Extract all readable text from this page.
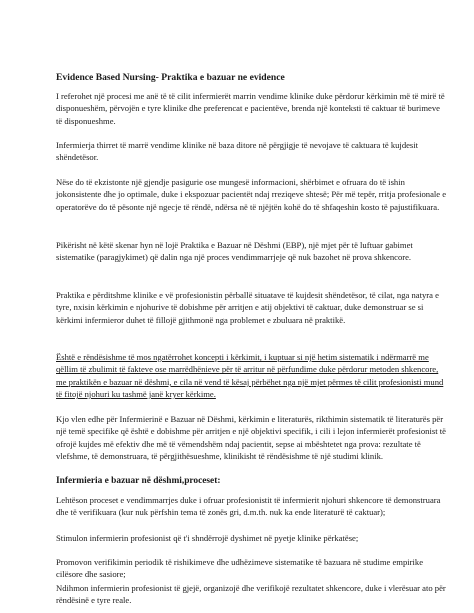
Evidence Based Nursing- Praktika e bazuar ne evidence

I referohet një procesi me anë të të cilit infermierët marrin vendime klinike duke përdorur kërkimin më të mirë të disponueshëm, përvojën e tyre klinike dhe preferencat e pacientëve, brenda një konteksti të caktuar të burimeve të disponueshme.

Infermierja thirret të marrë vendime klinike në baza ditore në përgjigje të nevojave të caktuara të kujdesit shëndetësor.

Nëse do të ekzistonte një gjendje pasigurie ose mungesë informacioni, shërbimet e ofruara do të ishin jokonsistente dhe jo optimale, duke i ekspozuar pacientët ndaj rreziqeve shtesë; Për më tepër, rritja profesionale e operatorëve do të pësonte një ngecje të rëndë, ndërsa në të njëjtën kohë do të shfaqeshin kosto të pajustifikuara.

Pikërisht në këtë skenar hyn në lojë Praktika e Bazuar në Dëshmi (EBP), një mjet për të luftuar gabimet sistematike (paragjykimet) që dalin nga një proces vendimmarrjeje që nuk bazohet në prova shkencore.

Praktika e përditshme klinike e vë profesionistin përballë situatave të kujdesit shëndetësor, të cilat, nga natyra e tyre, nxisin kërkimin e njohurive të dobishme për arritjen e atij objektivi të caktuar, duke demonstruar se si kërkimi infermieror duhet të fillojë gjithmonë nga problemet e zbuluara në praktikë.

Është e rëndësishme të mos ngatërrohet koncepti i kërkimit, i kuptuar si një hetim sistematik i ndërmarrë me qëllim të zbulimit të fakteve ose marrëdhënieve për të arritur në përfundime duke përdorur metoden shkencore, me praktikën e bazuar në dëshmi, e cila në vend të kësaj përbëhet nga një mjet përmes të cilit profesionisti mund të fitojë njohuri ku tashmë janë kryer kërkime.

Kjo vlen edhe për Infermierinë e Bazuar në Dëshmi, kërkimin e literaturës, rikthimin sistematik të literaturës për një temë specifike që është e dobishme për arritjen e një objektivi specifik, i cili i lejon infermierët profesionist të ofrojë kujdes më efektiv dhe më të vëmendshëm ndaj pacientit, sepse ai mbështetet nga prova: rezultate të vlefshme, të demonstruara, të përgjithësueshme, klinikisht të rëndësishme të një studimi klinik.

Infermieria e bazuar në dëshmi,proceset:

Lehtëson proceset e vendimmarrjes duke i ofruar profesionistit të infermierit njohuri shkencore të demonstruara dhe të verifikuara (kur nuk përfshin tema të zonës gri, d.m.th. nuk ka ende literaturë të caktuar);

Stimulon infermierin profesionist që t'i shndërrojë dyshimet në pyetje klinike përkatëse;

Promovon verifikimin periodik të rishikimeve dhe udhëzimeve sistematike të bazuara në studime empirike cilësore dhe sasiore;

Ndihmon infermierin profesionist të gjejë, organizojë dhe verifikojë rezultatet shkencore, duke i vlerësuar ato për rëndësinë e tyre reale.
